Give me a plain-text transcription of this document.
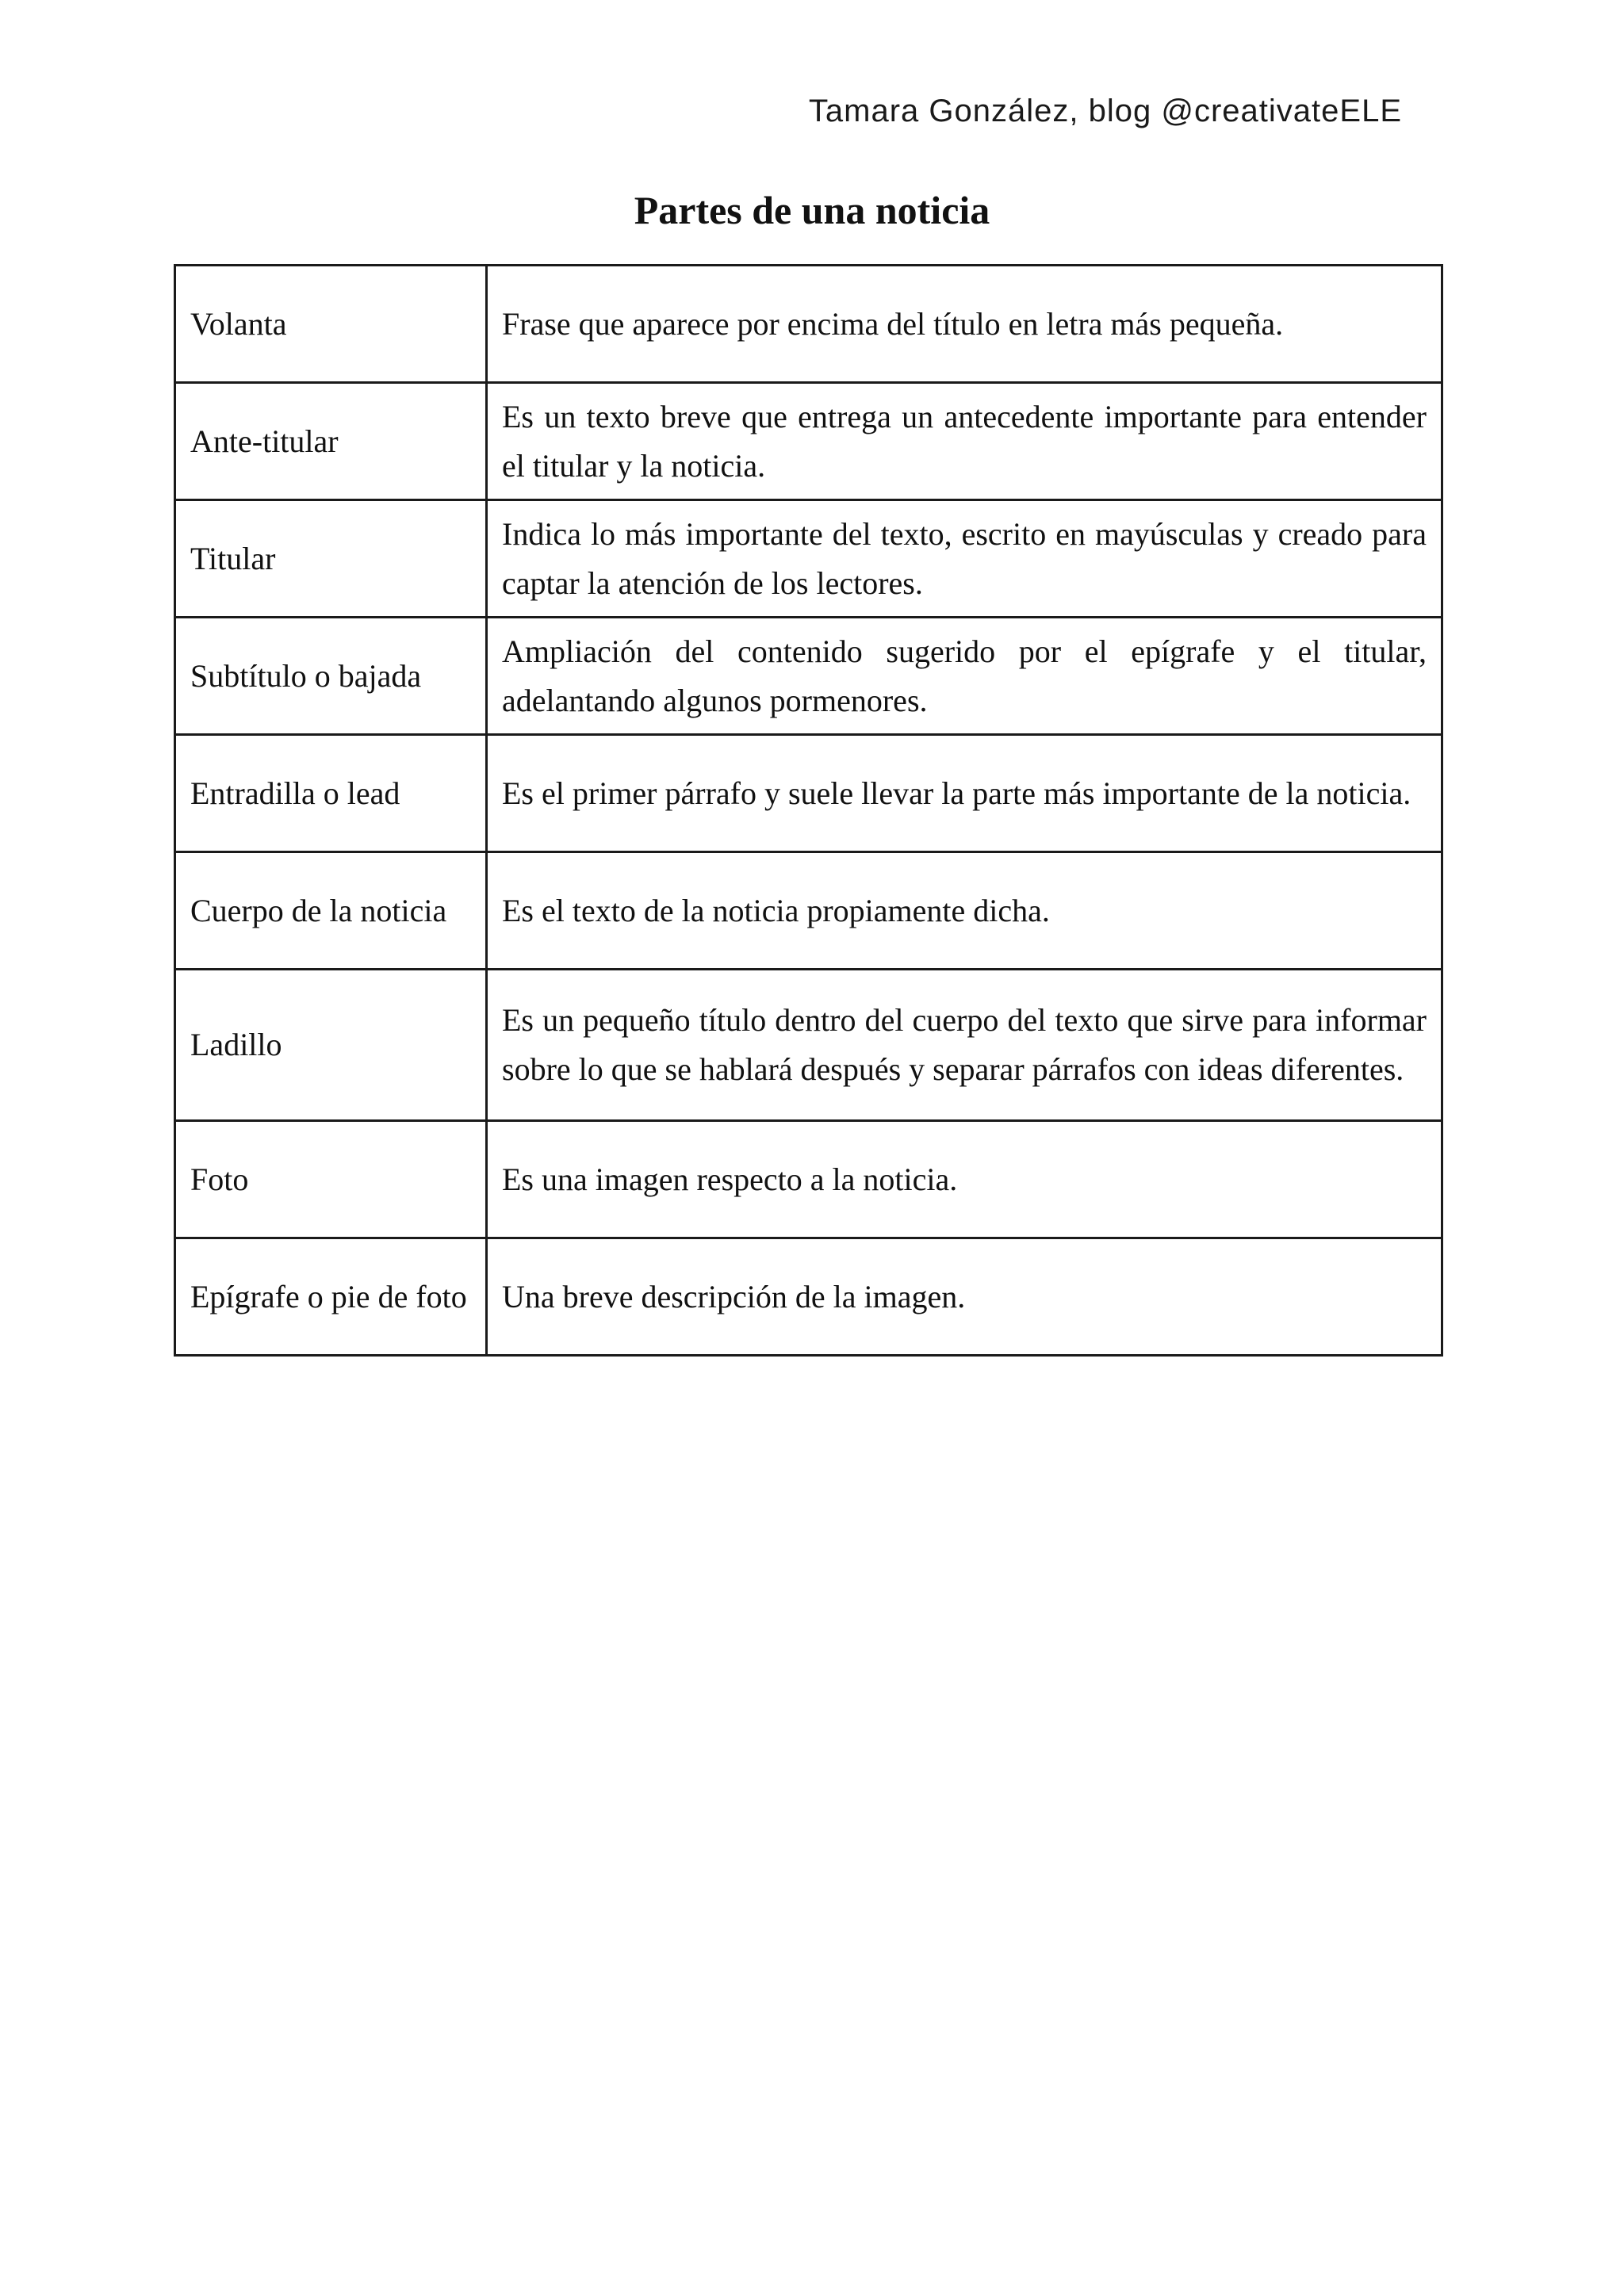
Tamara González, blog @creativateELE
Partes de una noticia
Volanta	Frase que aparece por encima del título en letra más pequeña.
Ante-titular	Es un texto breve que entrega un antecedente importante para entender el titular y la noticia.
Titular	Indica lo más importante del texto, escrito en mayúsculas y creado para captar la atención de los lectores.
Subtítulo o bajada	Ampliación del contenido sugerido por el epígrafe y el titular, adelantando algunos pormenores.
Entradilla o lead	Es el primer párrafo y suele llevar la parte más importante de la noticia.
Cuerpo de la noticia	Es el texto de la noticia propiamente dicha.
Ladillo	Es un pequeño título dentro del cuerpo del texto que sirve para informar sobre lo que se hablará después y separar párrafos con ideas diferentes.
Foto	Es una imagen respecto a la noticia.
Epígrafe o pie de foto	Una breve descripción de la imagen.
